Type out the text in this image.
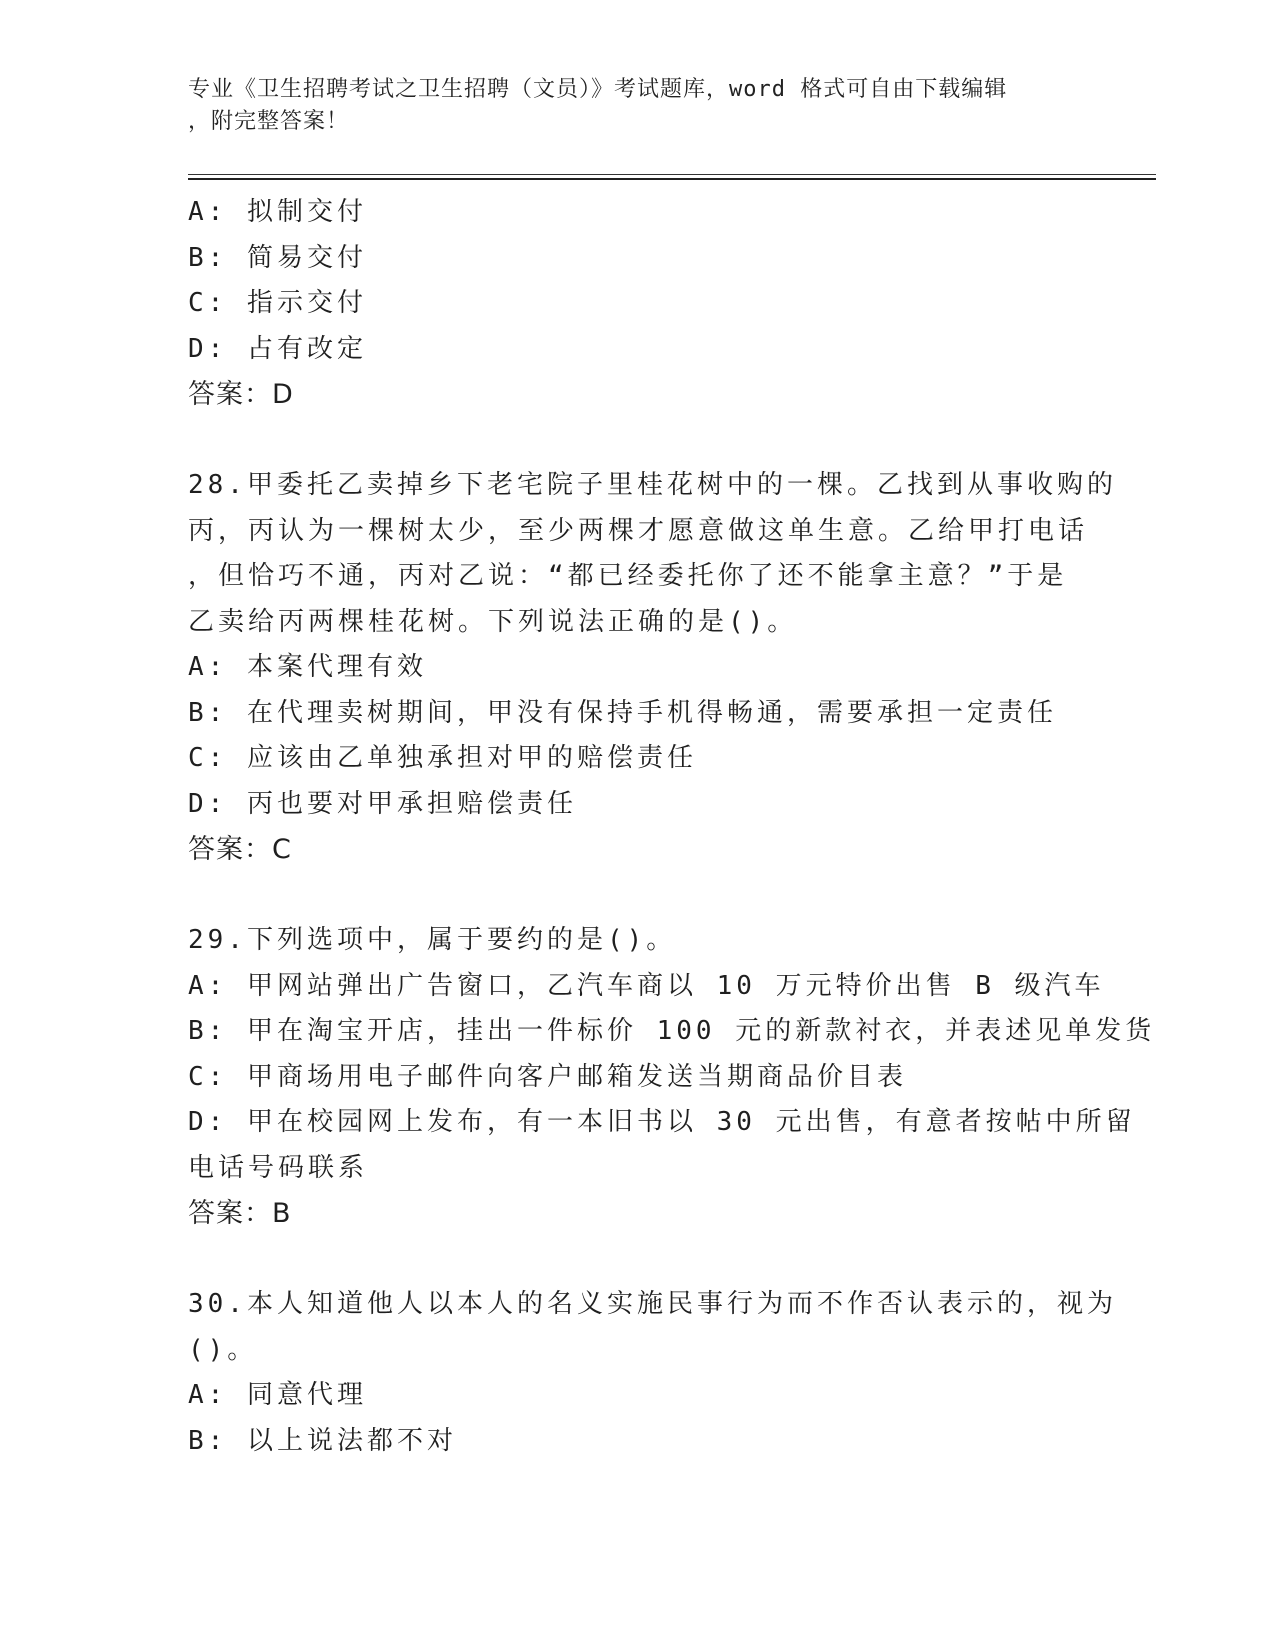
专业《卫生招聘考试之卫生招聘（文员）》考试题库，word 格式可自由下载编辑
，附完整答案！
A: 拟制交付
B: 简易交付
C: 指示交付
D: 占有改定
答案：D
28.甲委托乙卖掉乡下老宅院子里桂花树中的一棵。乙找到从事收购的
丙，丙认为一棵树太少，至少两棵才愿意做这单生意。乙给甲打电话
，但恰巧不通，丙对乙说：“都已经委托你了还不能拿主意？”于是
乙卖给丙两棵桂花树。下列说法正确的是()。
A: 本案代理有效
B: 在代理卖树期间，甲没有保持手机得畅通，需要承担一定责任
C: 应该由乙单独承担对甲的赔偿责任
D: 丙也要对甲承担赔偿责任
答案：C
29.下列选项中，属于要约的是()。
A: 甲网站弹出广告窗口，乙汽车商以 10 万元特价出售 B 级汽车
B: 甲在淘宝开店，挂出一件标价 100 元的新款衬衣，并表述见单发货
C: 甲商场用电子邮件向客户邮箱发送当期商品价目表
D: 甲在校园网上发布，有一本旧书以 30 元出售，有意者按帖中所留
电话号码联系
答案：B
30.本人知道他人以本人的名义实施民事行为而不作否认表示的，视为
()。
A: 同意代理
B: 以上说法都不对
